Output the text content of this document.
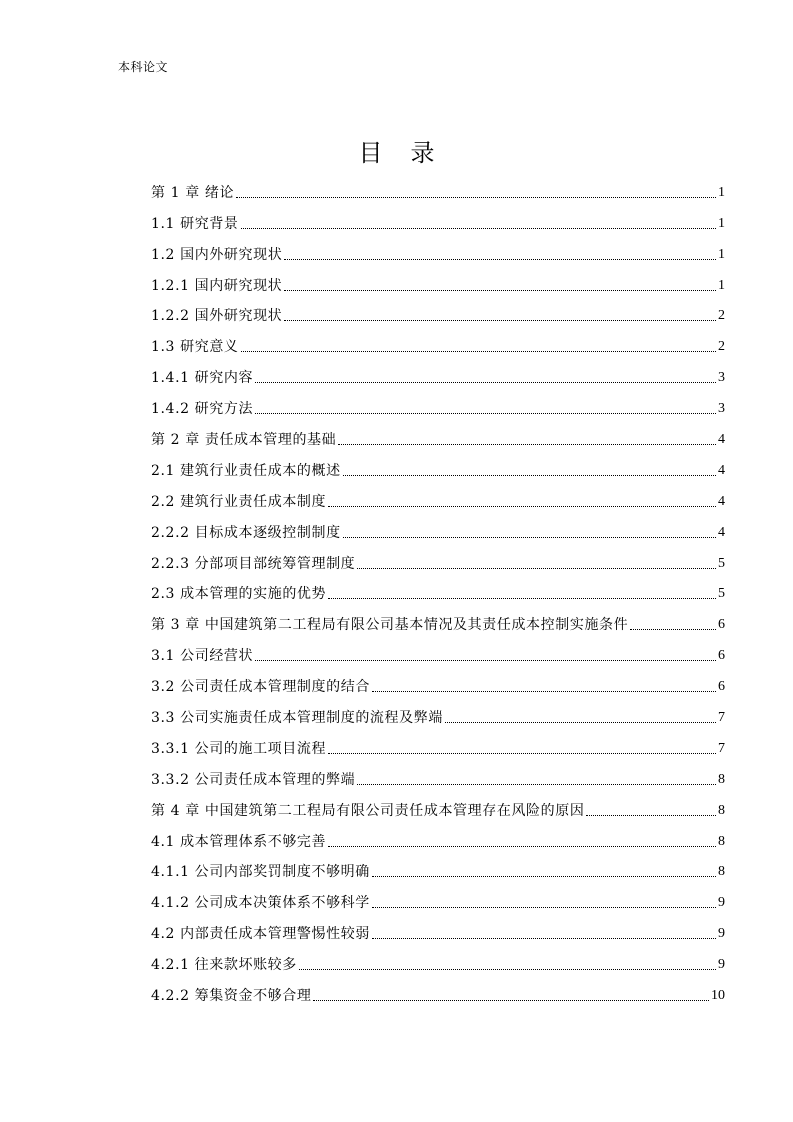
本科论文
目 录
第 1 章 绪论	1
1.1 研究背景	1
1.2 国内外研究现状	1
1.2.1 国内研究现状	1
1.2.2 国外研究现状	2
1.3 研究意义	2
1.4.1 研究内容	3
1.4.2 研究方法	3
第 2 章 责任成本管理的基础	4
2.1 建筑行业责任成本的概述	4
2.2 建筑行业责任成本制度	4
2.2.2 目标成本逐级控制制度	4
2.2.3 分部项目部统筹管理制度	5
2.3 成本管理的实施的优势	5
第 3 章 中国建筑第二工程局有限公司基本情况及其责任成本控制实施条件	6
3.1 公司经营状	6
3.2 公司责任成本管理制度的结合	6
3.3 公司实施责任成本管理制度的流程及弊端	7
3.3.1 公司的施工项目流程	7
3.3.2 公司责任成本管理的弊端	8
第 4 章 中国建筑第二工程局有限公司责任成本管理存在风险的原因	8
4.1 成本管理体系不够完善	8
4.1.1 公司内部奖罚制度不够明确	8
4.1.2 公司成本决策体系不够科学	9
4.2 内部责任成本管理警惕性较弱	9
4.2.1 往来款坏账较多	9
4.2.2 筹集资金不够合理	10
